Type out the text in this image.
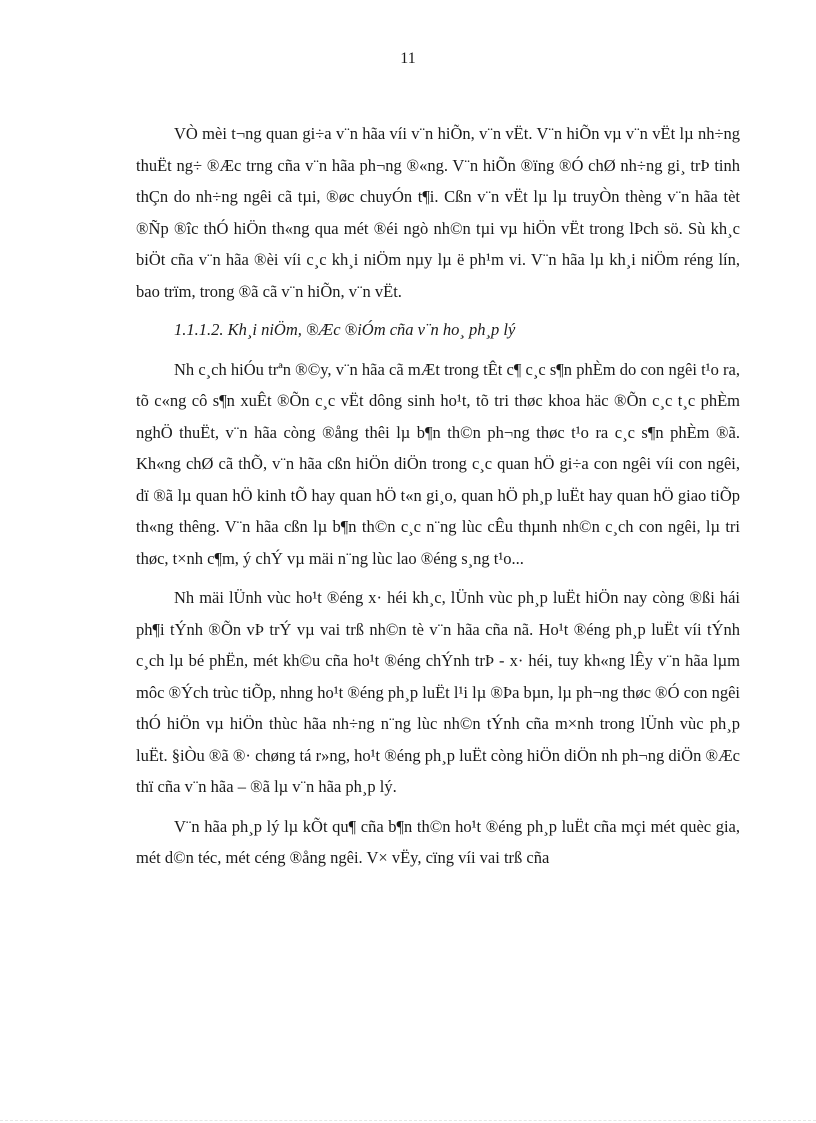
11

VÒ mèi t¬ng quan gi÷a v¨n hãa víi v¨n hiÕn, v¨n vËt. V¨n hiÕn vµ v¨n vËt lµ nh÷ng thuËt ng÷ ®Æc trng cña v¨n hãa ph¬ng ®«ng. V¨n hiÕn ®ïng ®Ó chØ nh÷ng gi¸ trÞ tinh thÇn do nh÷ng ngêi cã tµi, ®øc chuyÓn t¶i. Cßn v¨n vËt lµ lµ truyÒn thèng v¨n hãa tèt ®Ñp ®îc thÓ hiÖn th«ng qua mét ®éi ngò nh©n tµi vµ hiÖn vËt trong lÞch sö. Sù kh¸c biÖt cña v¨n hãa ®èi víi c¸c kh¸i niÖm nµy lµ ë ph¹m vi. V¨n hãa lµ kh¸i niÖm réng lín, bao trïm, trong ®ã cã v¨n hiÕn, v¨n vËt.

1.1.1.2. Kh¸i niÖm, ®Æc ®iÓm cña v¨n ho¸ ph¸p lý

Nh c¸ch hiÓu trªn ®©y, v¨n hãa cã mÆt trong tÊt c¶ c¸c s¶n phÈm do con ngêi t¹o ra, tõ c«ng cô s¶n xuÊt ®Õn c¸c vËt dông sinh ho¹t, tõ tri thøc khoa häc ®Õn c¸c t¸c phÈm nghÖ thuËt, v¨n hãa còng ®ång thêi lµ b¶n th©n ph¬ng thøc t¹o ra c¸c s¶n phÈm ®ã. Kh«ng chØ cã thÕ, v¨n hãa cßn hiÖn diÖn trong c¸c quan hÖ gi÷a con ngêi víi con ngêi, dï ®ã lµ quan hÖ kinh tÕ hay quan hÖ t«n gi¸o, quan hÖ ph¸p luËt hay quan hÖ giao tiÕp th«ng thêng. V¨n hãa cßn lµ b¶n th©n c¸c n¨ng lùc cÊu thµnh nh©n c¸ch con ngêi, lµ tri thøc, t×nh c¶m, ý chÝ vµ mäi n¨ng lùc lao ®éng s¸ng t¹o...

Nh mäi lÜnh vùc ho¹t ®éng x· héi kh¸c, lÜnh vùc ph¸p luËt hiÖn nay còng ®ßi hái ph¶i tÝnh ®Õn vÞ trÝ vµ vai trß nh©n tè v¨n hãa cña nã. Ho¹t ®éng ph¸p luËt víi tÝnh c¸ch lµ bé phËn, mét kh©u cña ho¹t ®éng chÝnh trÞ - x· héi, tuy kh«ng lÊy v¨n hãa lµm môc ®Ých trùc tiÕp, nhng ho¹t ®éng ph¸p luËt l¹i lµ ®Þa bµn, lµ ph¬ng thøc ®Ó con ngêi thÓ hiÖn vµ hiÖn thùc hãa nh÷ng n¨ng lùc nh©n tÝnh cña m×nh trong lÜnh vùc ph¸p luËt. §iÒu ®ã ®· chøng tá r»ng, ho¹t ®éng ph¸p luËt còng hiÖn diÖn nh ph¬ng diÖn ®Æc thï cña v¨n hãa – ®ã lµ v¨n hãa ph¸p lý.

V¨n hãa ph¸p lý lµ kÕt qu¶ cña b¶n th©n ho¹t ®éng ph¸p luËt cña mçi mét quèc gia, mét d©n téc, mét céng ®ång ngêi. V× vËy, cïng víi vai trß cña
